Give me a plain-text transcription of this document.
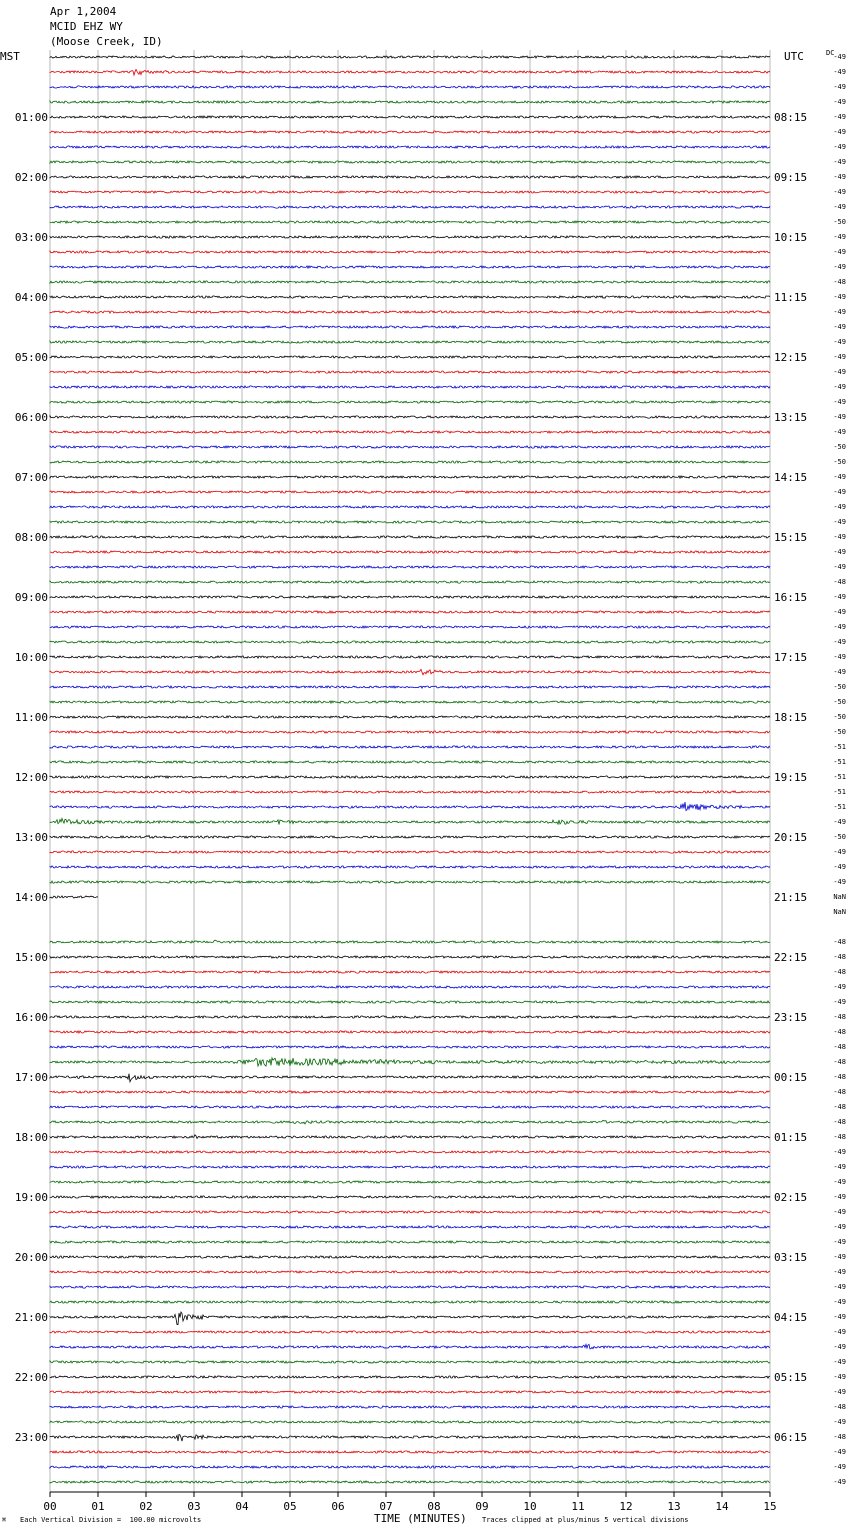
Apr 1,2004
MCID EHZ WY
(Moose Creek, ID)
MST	UTC	DC
00	01	02	03	04	05	06	07	08	09	10	11	12	13	14	15
-49
-49
-49
-49
-49
01:00	08:15
-49
-49
-49
-49
02:00	09:15
-49
-49
-50
-49
03:00	10:15
-49
-49
-48
-49
04:00	11:15
-49
-49
-49
-49
05:00	12:15
-49
-49
-49
-49
06:00	13:15
-49
-50
-50
-49
07:00	14:15
-49
-49
-49
-49
08:00	15:15
-49
-49
-48
-49
09:00	16:15
-49
-49
-49
-49
10:00	17:15
-49
-50
-50
-50
11:00	18:15
-50
-51
-51
-51
12:00	19:15
-51
-51
-49
-50
13:00	20:15
-49
-49
-49
NaN
14:00	21:15
NaN
-48
-48
15:00	22:15
-48
-49
-49
-48
16:00	23:15
-48
-48
-48
-48
17:00	00:15
-48
-48
-48
-48
18:00	01:15
-49
-49
-49
-49
19:00	02:15
-49
-49
-49
-49
20:00	03:15
-49
-49
-49
-49
21:00	04:15
-49
-49
-49
-49
22:00	05:15
-49
-48
-49
-48
23:00	06:15
-49
-49
-49
⌘ Each Vertical Division =  100.00 microvolts	TIME (MINUTES) Traces clipped at plus/minus 5 vertical divisions
